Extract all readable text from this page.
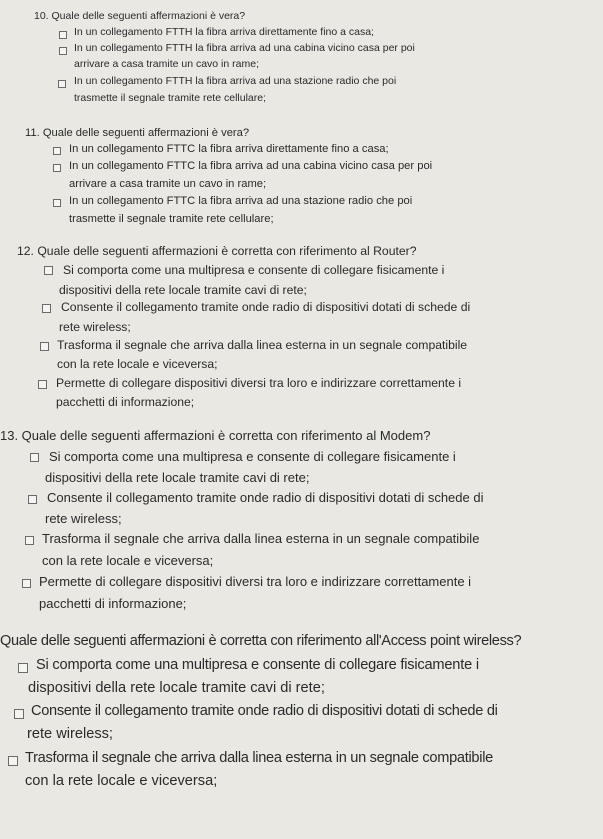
10. Quale delle seguenti affermazioni è vera?
In un collegamento FTTH la fibra arriva direttamente fino a casa;
In un collegamento FTTH la fibra arriva ad una cabina vicino casa per poi
arrivare a casa tramite un cavo in rame;
In un collegamento FTTH la fibra arriva ad una stazione radio che poi
trasmette il segnale tramite rete cellulare;
11. Quale delle seguenti affermazioni è vera?
In un collegamento FTTC la fibra arriva direttamente fino a casa;
In un collegamento FTTC la fibra arriva ad una cabina vicino casa per poi
arrivare a casa tramite un cavo in rame;
In un collegamento FTTC la fibra arriva ad una stazione radio che poi
trasmette il segnale tramite rete cellulare;
12. Quale delle seguenti affermazioni è corretta con riferimento al Router?
Si comporta come una multipresa e consente di collegare fisicamente i
dispositivi della rete locale tramite cavi di rete;
Consente il collegamento tramite onde radio di dispositivi dotati di schede di
rete wireless;
Trasforma il segnale che arriva dalla linea esterna in un segnale compatibile
con la rete locale e viceversa;
Permette di collegare dispositivi diversi tra loro e indirizzare correttamente i
pacchetti di informazione;
13. Quale delle seguenti affermazioni è corretta con riferimento al Modem?
Si comporta come una multipresa e consente di collegare fisicamente i
dispositivi della rete locale tramite cavi di rete;
Consente il collegamento tramite onde radio di dispositivi dotati di schede di
rete wireless;
Trasforma il segnale che arriva dalla linea esterna in un segnale compatibile
con la rete locale e viceversa;
Permette di collegare dispositivi diversi tra loro e indirizzare correttamente i
pacchetti di informazione;
Quale delle seguenti affermazioni è corretta con riferimento all'Access point wireless?
Si comporta come una multipresa e consente di collegare fisicamente i
dispositivi della rete locale tramite cavi di rete;
Consente il collegamento tramite onde radio di dispositivi dotati di schede di
rete wireless;
Trasforma il segnale che arriva dalla linea esterna in un segnale compatibile
con la rete locale e viceversa;
